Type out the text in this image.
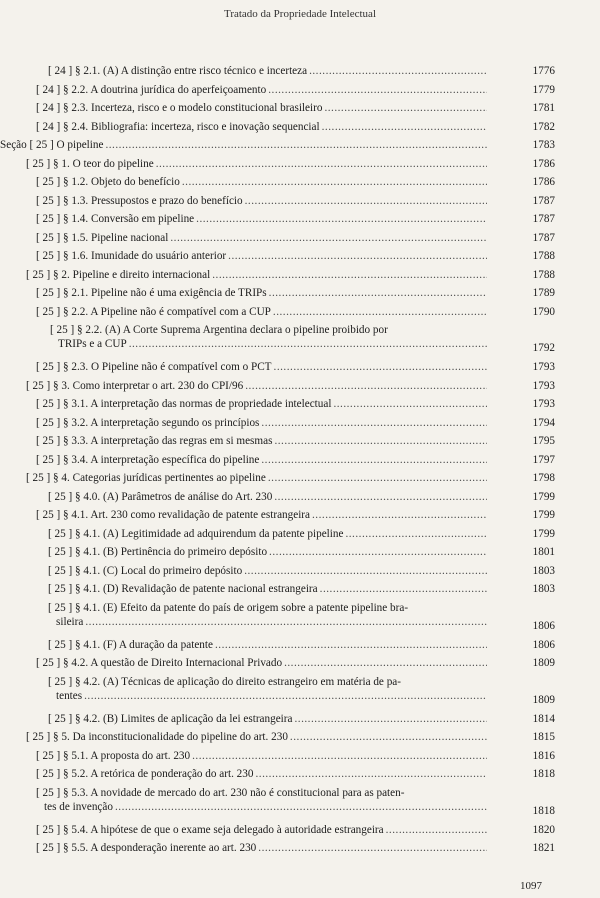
Tratado da Propriedade Intelectual
[ 24 ] § 2.1. (A) A distinção entre risco técnico e incerteza .....	1776
[ 24 ] § 2.2. A doutrina jurídica do aperfeiçoamento .....	1779
[ 24 ] § 2.3. Incerteza, risco e o modelo constitucional brasileiro .....	1781
[ 24 ] § 2.4. Bibliografia: incerteza, risco e inovação sequencial .....	1782
Seção [ 25 ] O pipeline .....	1783
[ 25 ] § 1. O teor do pipeline .....	1786
[ 25 ] § 1.2. Objeto do benefício .....	1786
[ 25 ] § 1.3. Pressupostos e prazo do benefício .....	1787
[ 25 ] § 1.4. Conversão em pipeline .....	1787
[ 25 ] § 1.5. Pipeline nacional .....	1787
[ 25 ] § 1.6. Imunidade do usuário anterior .....	1788
[ 25 ] § 2. Pipeline e direito internacional .....	1788
[ 25 ] § 2.1. Pipeline não é uma exigência de TRIPs .....	1789
[ 25 ] § 2.2. A Pipeline não é compatível com a CUP .....	1790
[ 25 ] § 2.2. (A) A Corte Suprema Argentina declara o pipeline proibido por
TRIPs e a CUP .....	1792
[ 25 ] § 2.3. O Pipeline não é compatível com o PCT .....	1793
[ 25 ] § 3. Como interpretar o art. 230 do CPI/96 .....	1793
[ 25 ] § 3.1. A interpretação das normas de propriedade intelectual .....	1793
[ 25 ] § 3.2. A interpretação segundo os princípios .....	1794
[ 25 ] § 3.3. A interpretação das regras em si mesmas .....	1795
[ 25 ] § 3.4. A interpretação específica do pipeline .....	1797
[ 25 ] § 4. Categorias jurídicas pertinentes ao pipeline .....	1798
[ 25 ] § 4.0. (A) Parâmetros de análise do Art. 230 .....	1799
[ 25 ] § 4.1. Art. 230 como revalidação de patente estrangeira .....	1799
[ 25 ] § 4.1. (A) Legitimidade ad adquirendum da patente pipeline .....	1799
[ 25 ] § 4.1. (B) Pertinência do primeiro depósito .....	1801
[ 25 ] § 4.1. (C) Local do primeiro depósito .....	1803
[ 25 ] § 4.1. (D) Revalidação de patente nacional estrangeira .....	1803
[ 25 ] § 4.1. (E) Efeito da patente do país de origem sobre a patente pipeline bra-
sileira .....	1806
[ 25 ] § 4.1. (F) A duração da patente .....	1806
[ 25 ] § 4.2. A questão de Direito Internacional Privado .....	1809
[ 25 ] § 4.2. (A) Técnicas de aplicação do direito estrangeiro em matéria de pa-
tentes .....	1809
[ 25 ] § 4.2. (B) Limites de aplicação da lei estrangeira .....	1814
[ 25 ] § 5. Da inconstitucionalidade do pipeline do art. 230 .....	1815
[ 25 ] § 5.1. A proposta do art. 230 .....	1816
[ 25 ] § 5.2. A retórica de ponderação do art. 230 .....	1818
[ 25 ] § 5.3. A novidade de mercado do art. 230 não é constitucional para as paten-
tes de invenção .....	1818
[ 25 ] § 5.4. A hipótese de que o exame seja delegado à autoridade estrangeira .....	1820
[ 25 ] § 5.5. A desponderação inerente ao art. 230 .....	1821
1097
